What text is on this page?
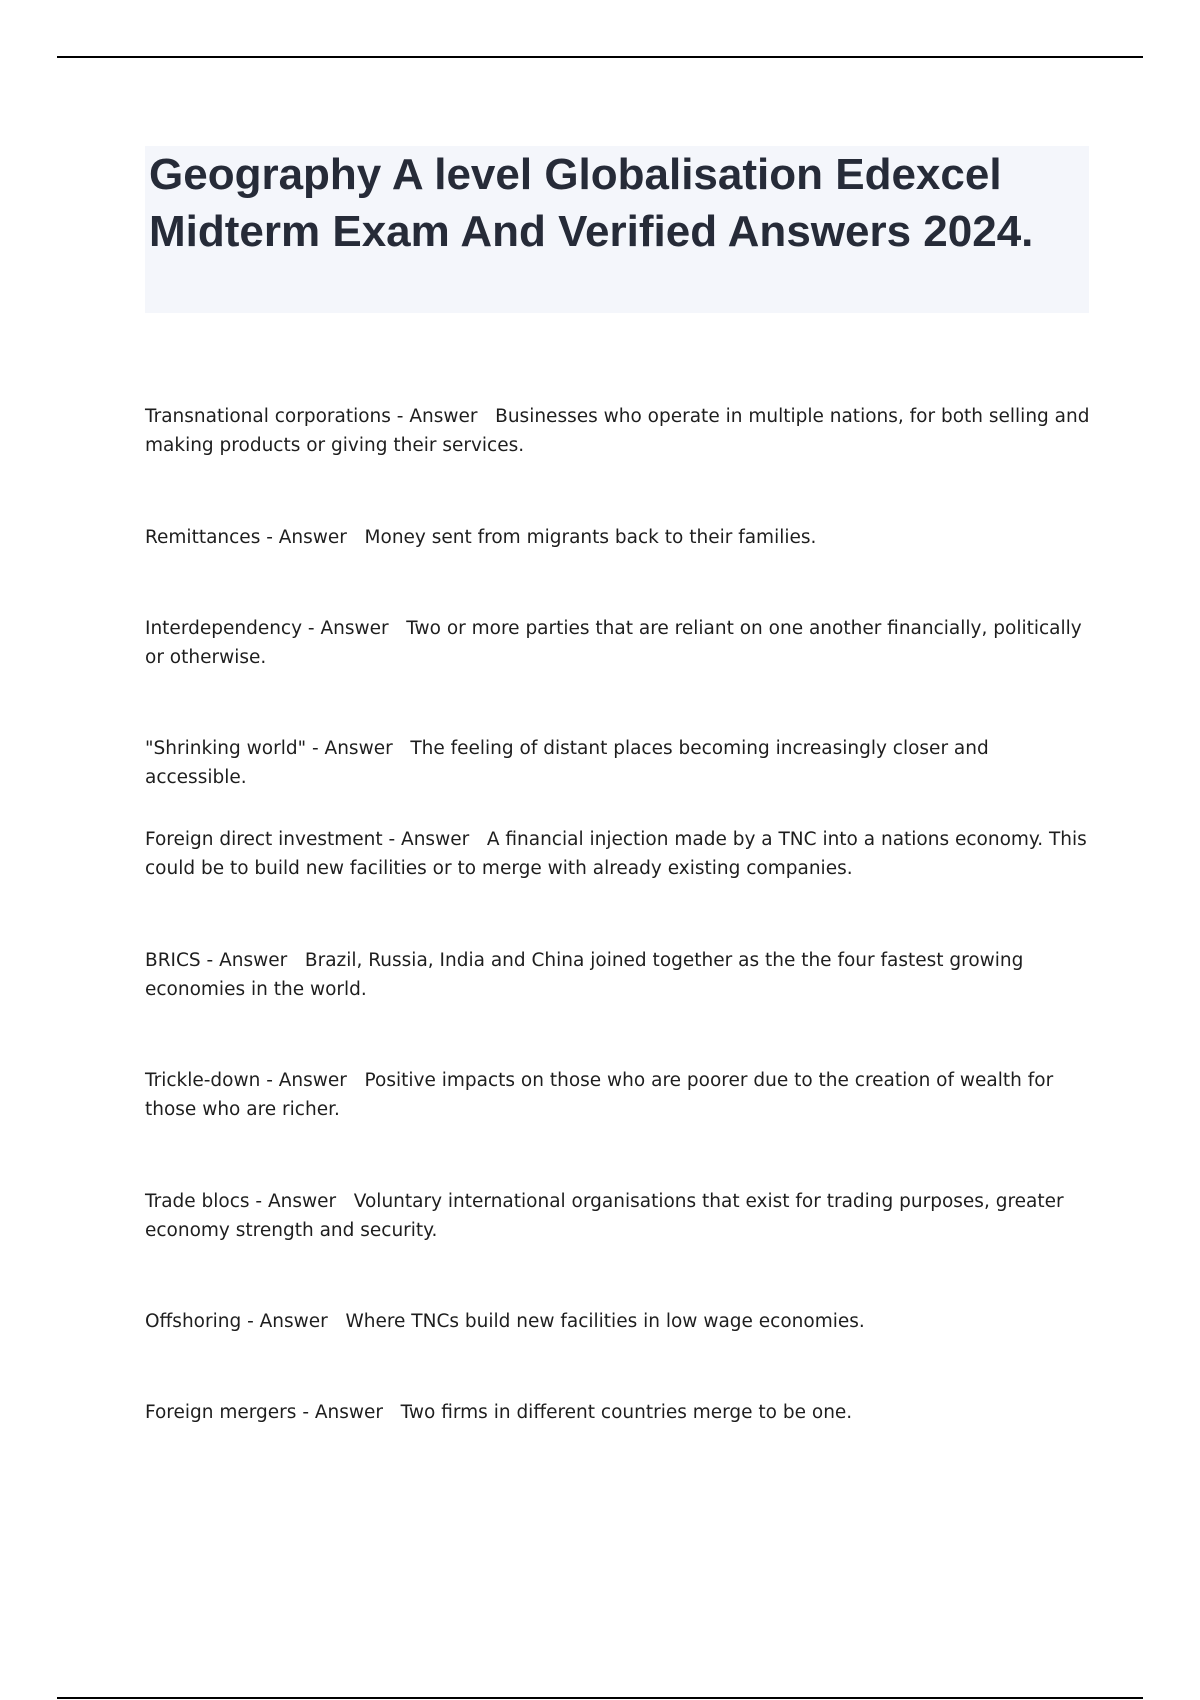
Geography A level Globalisation Edexcel Midterm Exam And Verified Answers 2024.
Transnational corporations - Answer   Businesses who operate in multiple nations, for both selling and making products or giving their services.
Remittances - Answer   Money sent from migrants back to their families.
Interdependency - Answer   Two or more parties that are reliant on one another financially, politically or otherwise.
"Shrinking world" - Answer   The feeling of distant places becoming increasingly closer and accessible.
Foreign direct investment - Answer   A financial injection made by a TNC into a nations economy. This could be to build new facilities or to merge with already existing companies.
BRICS - Answer   Brazil, Russia, India and China joined together as the the four fastest growing economies in the world.
Trickle-down - Answer   Positive impacts on those who are poorer due to the creation of wealth for those who are richer.
Trade blocs - Answer   Voluntary international organisations that exist for trading purposes, greater economy strength and security.
Offshoring - Answer   Where TNCs build new facilities in low wage economies.
Foreign mergers - Answer   Two firms in different countries merge to be one.
